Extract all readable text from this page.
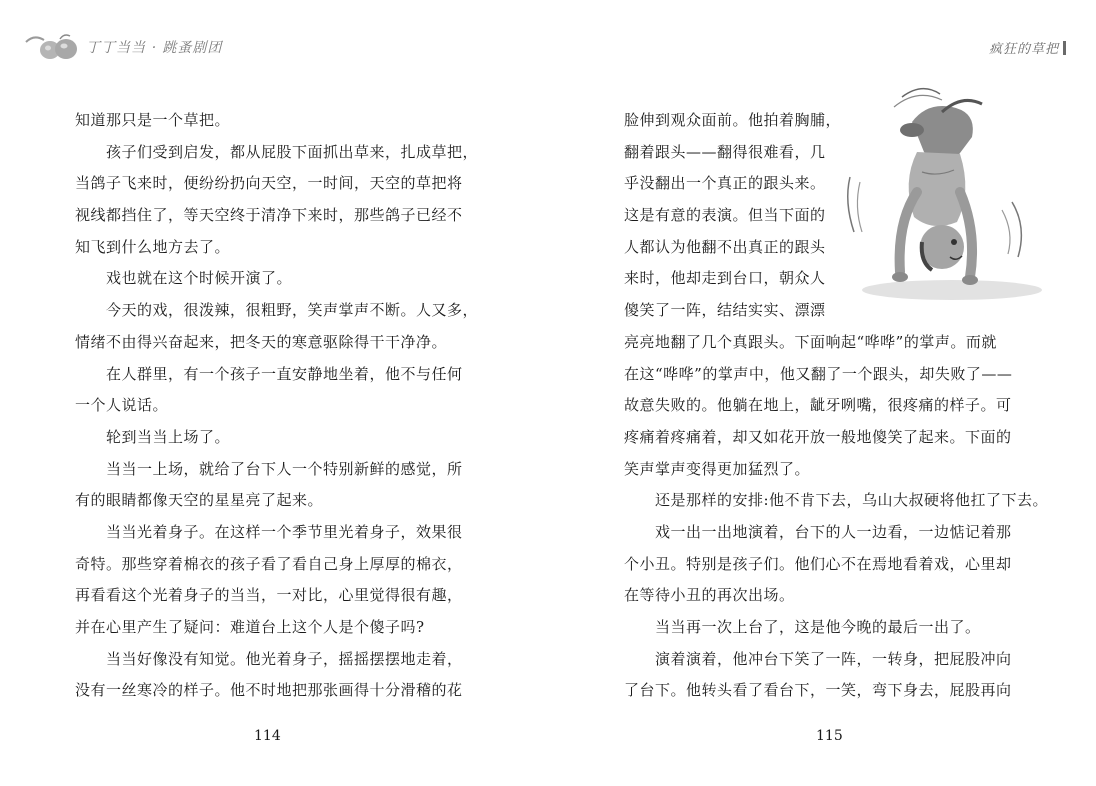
丁丁当当 · 跳蚤剧团	疯狂的草把
知道那只是一个草把。
　　孩子们受到启发，都从屁股下面抓出草来，扎成草把，
当鸽子飞来时，便纷纷扔向天空，一时间，天空的草把将
视线都挡住了，等天空终于清净下来时，那些鸽子已经不
知飞到什么地方去了。
　　戏也就在这个时候开演了。
　　今天的戏，很泼辣，很粗野，笑声掌声不断。人又多，
情绪不由得兴奋起来，把冬天的寒意驱除得干干净净。
　　在人群里，有一个孩子一直安静地坐着，他不与任何
一个人说话。
　　轮到当当上场了。
　　当当一上场，就给了台下人一个特别新鲜的感觉，所
有的眼睛都像天空的星星亮了起来。
　　当当光着身子。在这样一个季节里光着身子，效果很
奇特。那些穿着棉衣的孩子看了看自己身上厚厚的棉衣，
再看看这个光着身子的当当，一对比，心里觉得很有趣，
并在心里产生了疑问：难道台上这个人是个傻子吗?
　　当当好像没有知觉。他光着身子，摇摇摆摆地走着，
没有一丝寒冷的样子。他不时地把那张画得十分滑稽的花
114
脸伸到观众面前。他拍着胸脯，
翻着跟头——翻得很难看，几
乎没翻出一个真正的跟头来。
这是有意的表演。但当下面的
人都认为他翻不出真正的跟头
来时，他却走到台口，朝众人
傻笑了一阵，结结实实、漂漂
亮亮地翻了几个真跟头。下面响起“哗哗”的掌声。而就
在这“哗哗”的掌声中，他又翻了一个跟头，却失败了——
故意失败的。他躺在地上，龇牙咧嘴，很疼痛的样子。可
疼痛着疼痛着，却又如花开放一般地傻笑了起来。下面的
笑声掌声变得更加猛烈了。
　　还是那样的安排:他不肯下去，乌山大叔硬将他扛了下去。
　　戏一出一出地演着，台下的人一边看，一边惦记着那
个小丑。特别是孩子们。他们心不在焉地看着戏，心里却
在等待小丑的再次出场。
　　当当再一次上台了，这是他今晚的最后一出了。
　　演着演着，他冲台下笑了一阵，一转身，把屁股冲向
了台下。他转头看了看台下，一笑，弯下身去，屁股再向
115
